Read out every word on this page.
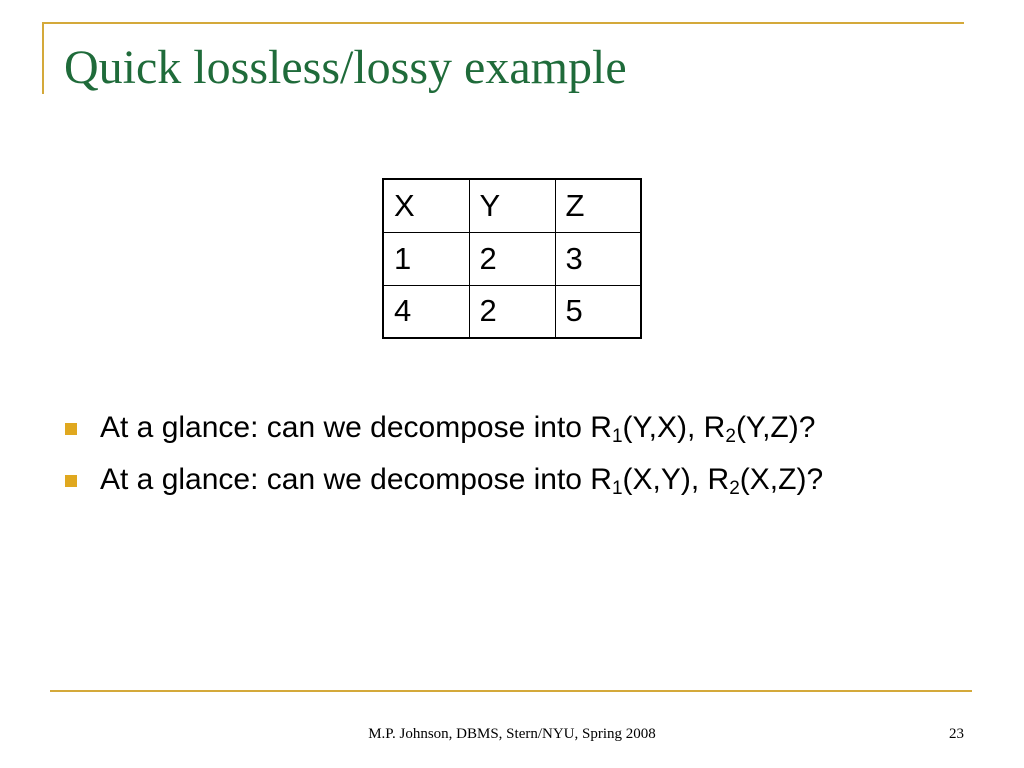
Quick lossless/lossy example
X	Y	Z
1	2	3
4	2	5
At a glance: can we decompose into $R_1(Y,X)$, $R_2(Y,Z)$?
At a glance: can we decompose into $R_1(X,Y)$, $R_2(X,Z)$?
M.P. Johnson, DBMS, Stern/NYU, Spring 2008	23
